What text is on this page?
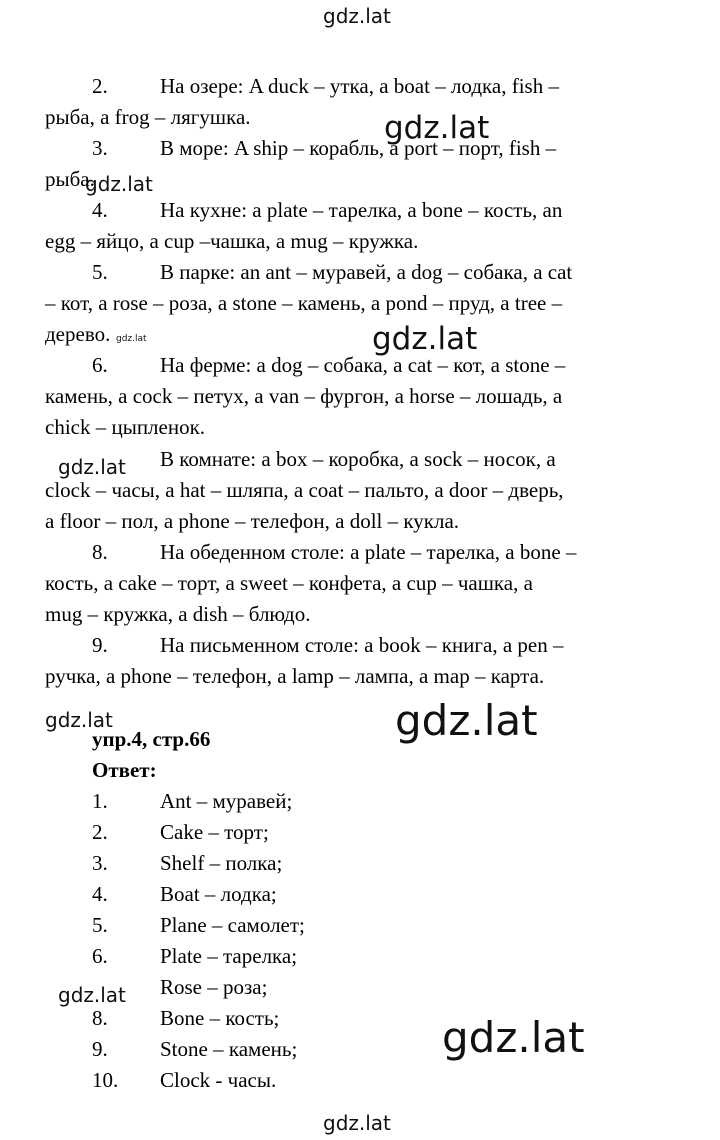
gdz.lat
gdz.lat
gdz.lat
gdz.lat	gdz.lat
gdz.lat
gdz.lat	gdz.lat
gdz.lat
gdz.lat
gdz.lat
2. На озере: A duck – утка, a boat – лодка, fish –
рыба, a frog – лягушка.
3. В море: A ship – корабль, a port – порт, fish –
рыба.
4. На кухне: a plate – тарелка, a bone – кость, an
egg – яйцо, a cup –чашка, a mug – кружка.
5. В парке: an ant – муравей, a dog – собака, a cat
– кот, a rose – роза, a stone – камень, a pond – пруд, a tree –
дерево.
6. На ферме: a dog – собака, a cat – кот, a stone –
камень, a cock – петух, a van – фургон, a horse – лошадь, a
chick – цыпленок.
В комнате: a box – коробка, a sock – носок, a
clock – часы, a hat – шляпа, a coat – пальто, a door – дверь,
a floor – пол, a phone – телефон, a doll – кукла.
8. На обеденном столе: a plate – тарелка, a bone –
кость, a cake – торт, a sweet – конфета, a cup – чашка, a
mug – кружка, a dish – блюдо.
9. На письменном столе: a book – книга, a pen –
ручка, a phone – телефон, a lamp – лампа, a map – карта.
упр.4, стр.66
Ответ:
1. Ant – муравей;
2. Cake – торт;
3. Shelf – полка;
4. Boat – лодка;
5. Plane – самолет;
6. Plate – тарелка;
Rose – роза;
8. Bone – кость;
9. Stone – камень;
10. Clock - часы.
